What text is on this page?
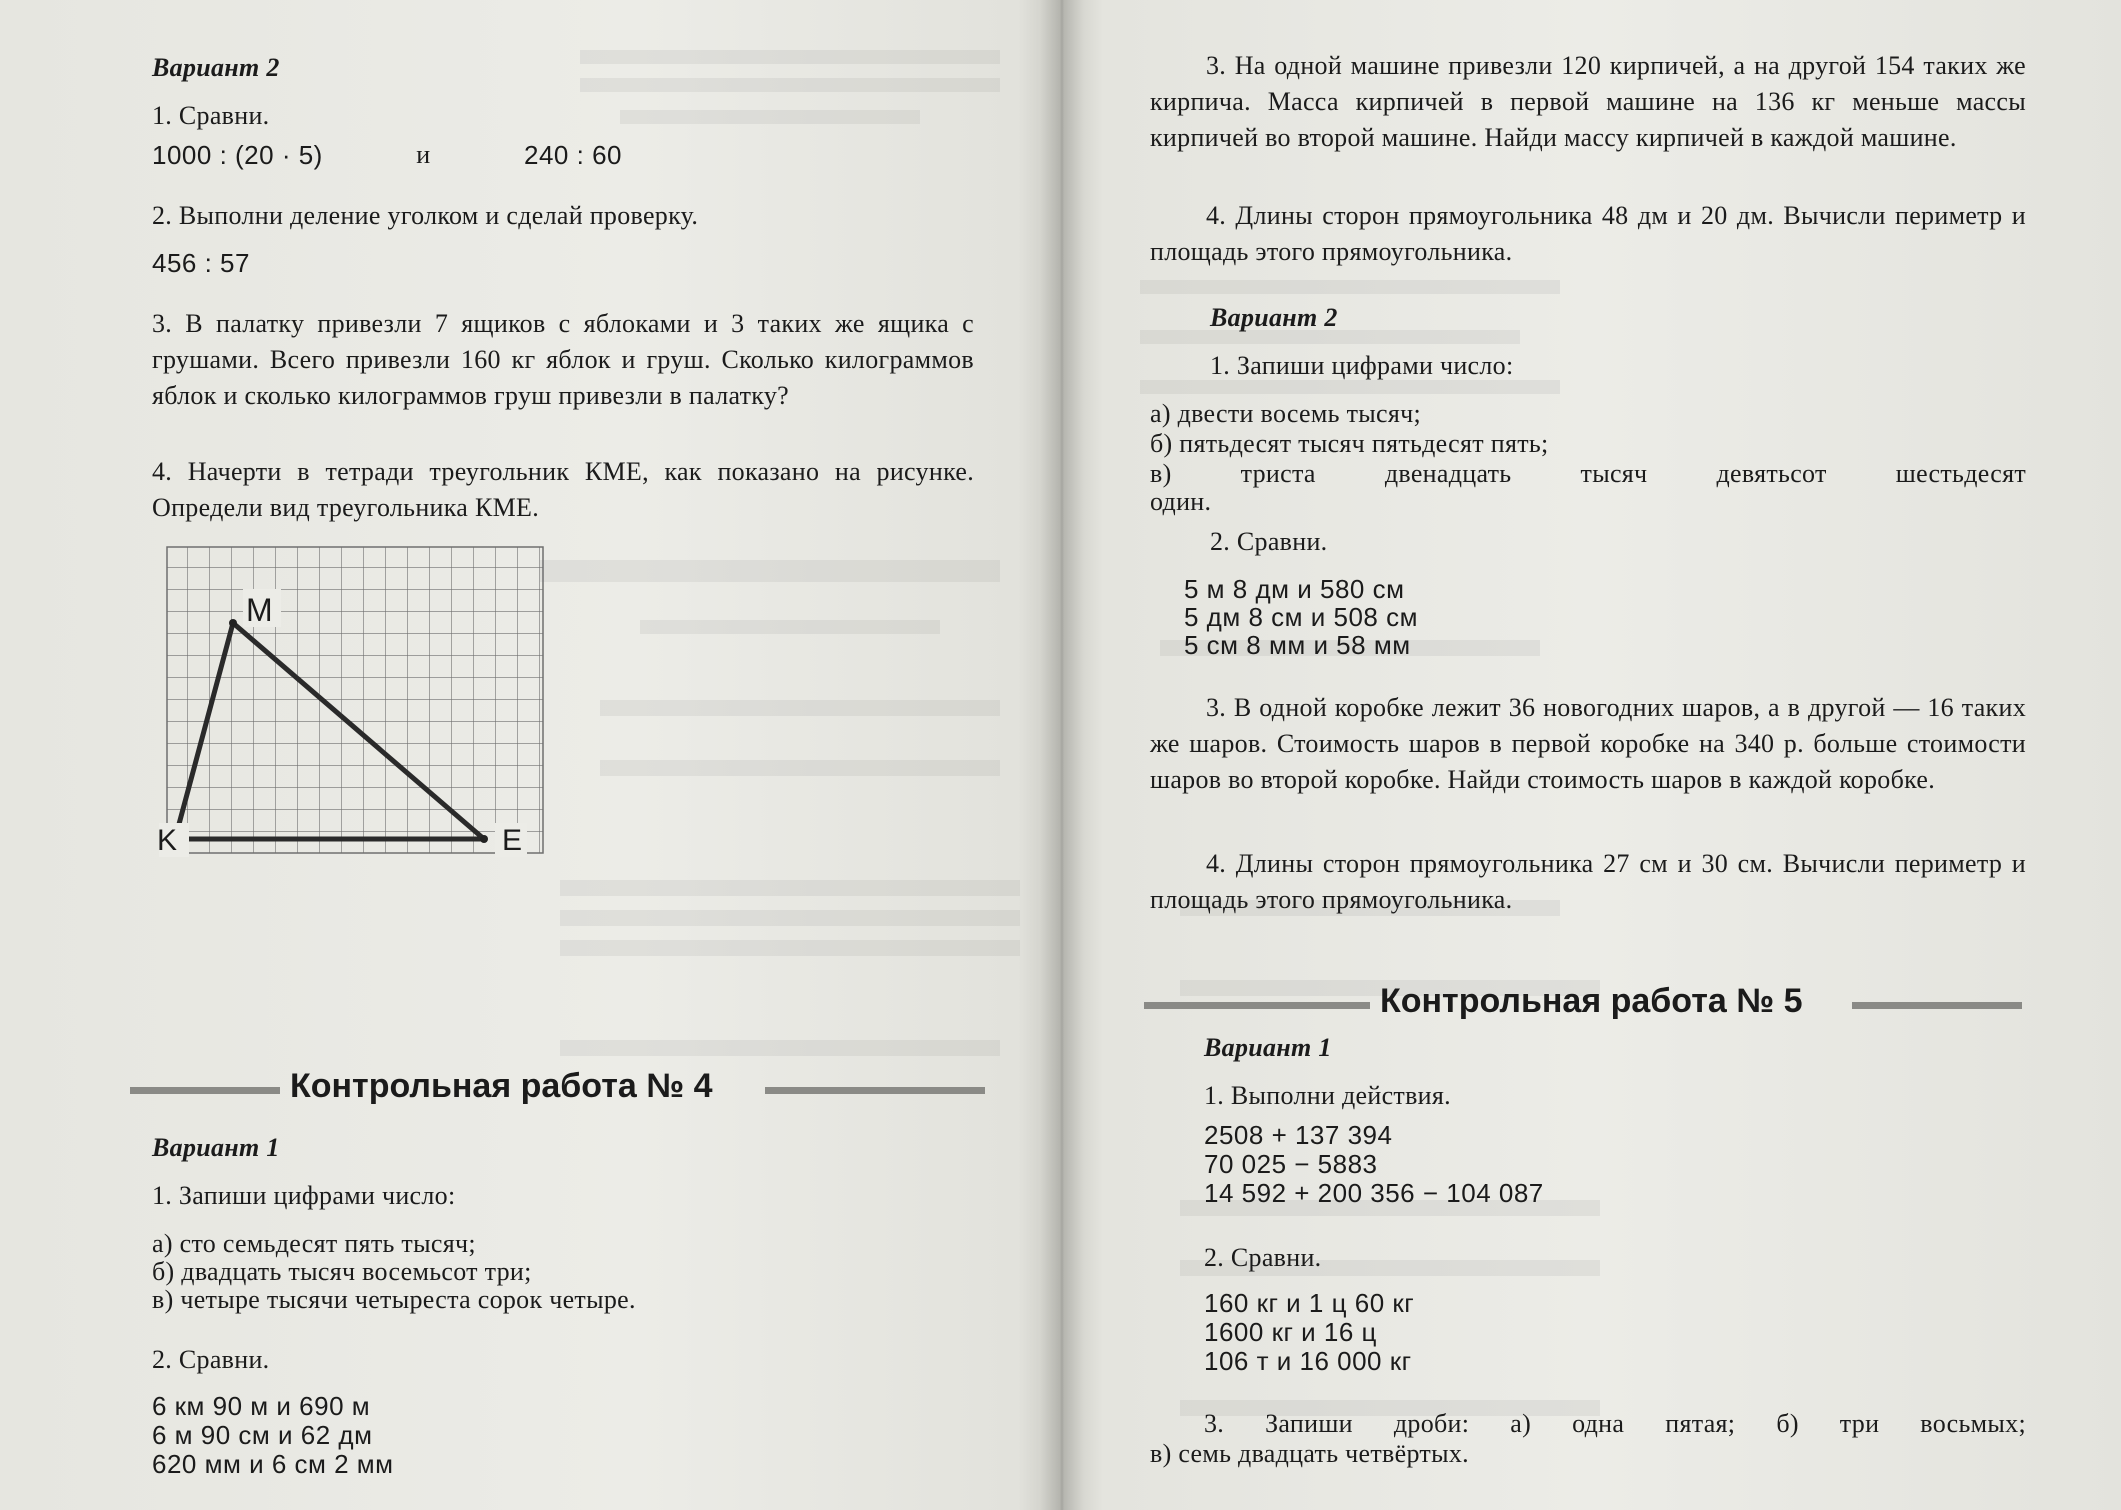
Вариант 2
1. Сравни.
1000 : (20 · 5)	и	240 : 60
2. Выполни деление уголком и сделай проверку.
456 : 57
3. В палатку привезли 7 ящиков с яблоками и 3 таких же ящика с грушами. Всего привезли 160 кг яблок и груш. Сколько килограммов яблок и сколько килограммов груш привезли в палатку?
4. Начерти в тетради треугольник КМЕ, как показано на рисунке. Определи вид треугольника КМЕ.
M
K	E
Контрольная работа № 4
Вариант 1
1. Запиши цифрами число:
а) сто семьдесят пять тысяч;
б) двадцать тысяч восемьсот три;
в) четыре тысячи четыреста сорок четыре.
2. Сравни.
6 км 90 м и 690 м
6 м 90 см и 62 дм
620 мм и 6 см 2 мм
3. На одной машине привезли 120 кирпичей, а на другой 154 таких же кирпича. Масса кирпичей в первой машине на 136 кг меньше массы кирпичей во второй машине. Найди массу кирпичей в каждой машине.
4. Длины сторон прямоугольника 48 дм и 20 дм. Вычисли периметр и площадь этого прямоугольника.
Вариант 2
1. Запиши цифрами число:
а) двести восемь тысяч;
б) пятьдесят тысяч пятьдесят пять;
в) триста двенадцать тысяч девятьсот шестьдесят
один.
2. Сравни.
5 м 8 дм и 580 см
5 дм 8 см и 508 см
5 см 8 мм и 58 мм
3. В одной коробке лежит 36 новогодних шаров, а в другой — 16 таких же шаров. Стоимость шаров в первой коробке на 340 р. больше стоимости шаров во второй коробке. Найди стоимость шаров в каждой коробке.
4. Длины сторон прямоугольника 27 см и 30 см. Вычисли периметр и площадь этого прямоугольника.
Контрольная работа № 5
Вариант 1
1. Выполни действия.
2508 + 137 394
70 025 − 5883
14 592 + 200 356 − 104 087
2. Сравни.
160 кг и 1 ц 60 кг
1600 кг и 16 ц
106 т и 16 000 кг
3. Запиши дроби: а) одна пятая; б) три восьмых;
в) семь двадцать четвёртых.
